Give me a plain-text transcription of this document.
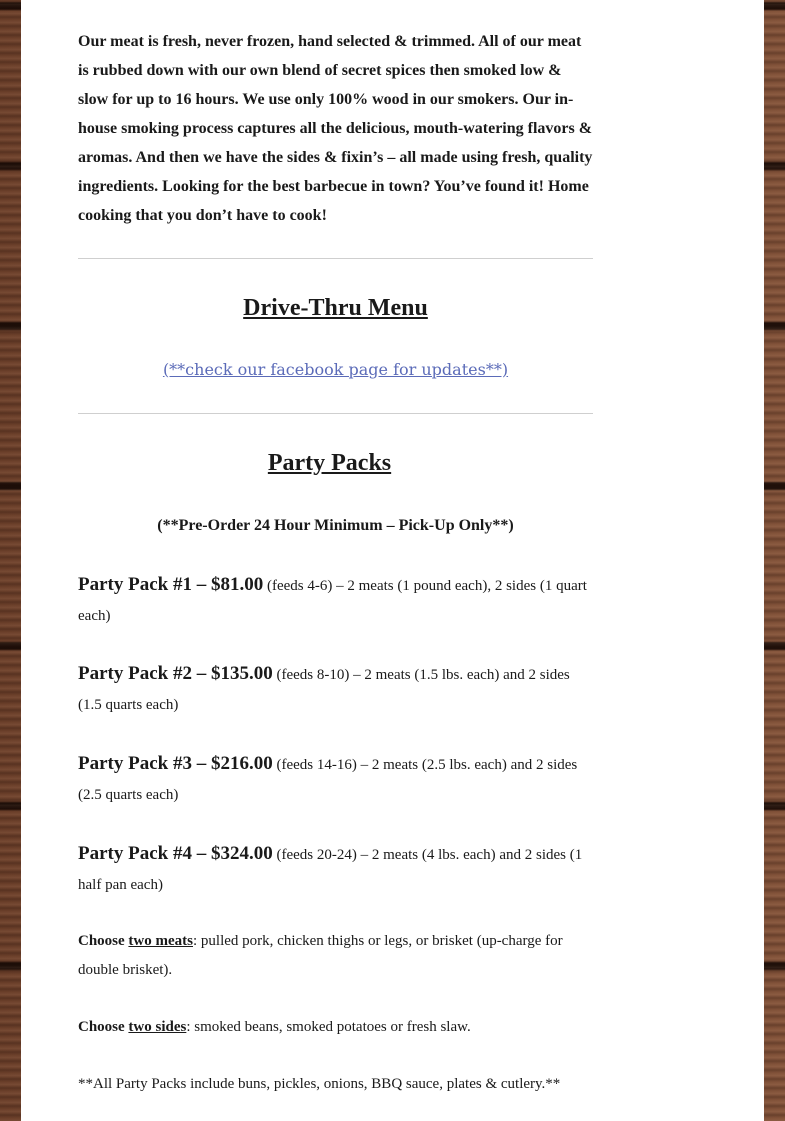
Our meat is fresh, never frozen, hand selected & trimmed. All of our meat is rubbed down with our own blend of secret spices then smoked low & slow for up to 16 hours. We use only 100% wood in our smokers. Our in-house smoking process captures all the delicious, mouth-watering flavors & aromas. And then we have the sides & fixin’s – all made using fresh, quality ingredients. Looking for the best barbecue in town? You’ve found it! Home cooking that you don’t have to cook!

Drive-Thru Menu
(**check our facebook page for updates**)
Party Packs

(**Pre-Order 24 Hour Minimum – Pick-Up Only**)

Party Pack #1 – $81.00 (feeds 4-6) – 2 meats (1 pound each), 2 sides (1 quart each)

Party Pack #2 – $135.00 (feeds 8-10) – 2 meats (1.5 lbs. each) and 2 sides (1.5 quarts each)

Party Pack #3 – $216.00 (feeds 14-16) – 2 meats (2.5 lbs. each) and 2 sides (2.5 quarts each)

Party Pack #4 – $324.00 (feeds 20-24) – 2 meats (4 lbs. each) and 2 sides (1 half pan each)

Choose two meats: pulled pork, chicken thighs or legs, or brisket (up-charge for double brisket).

Choose two sides: smoked beans, smoked potatoes or fresh slaw.

**All Party Packs include buns, pickles, onions, BBQ sauce, plates & cutlery.**
